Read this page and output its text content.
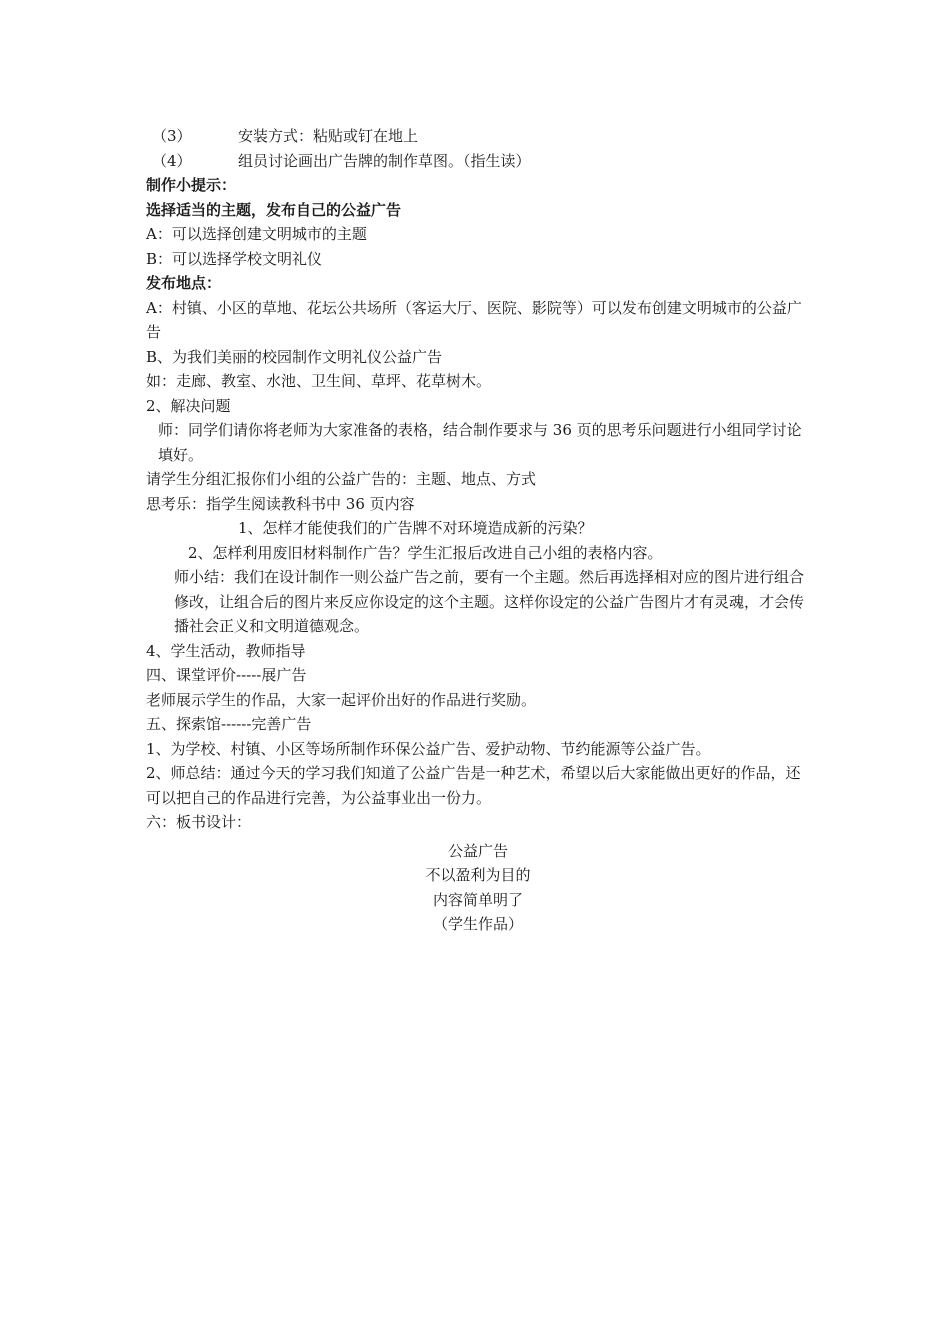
（3）	安装方式：粘贴或钉在地上
（4）	组员讨论画出广告牌的制作草图。（指生读）

制作小提示：

选择适当的主题，发布自己的公益广告

A：可以选择创建文明城市的主题

B：可以选择学校文明礼仪

发布地点：

A：村镇、小区的草地、花坛公共场所（客运大厅、医院、影院等）可以发布创建文明城市的公益广告

B、为我们美丽的校园制作文明礼仪公益广告

如：走廊、教室、水池、卫生间、草坪、花草树木。

2、解决问题

师：同学们请你将老师为大家准备的表格，结合制作要求与 36 页的思考乐问题进行小组同学讨论填好。

请学生分组汇报你们小组的公益广告的：主题、地点、方式

思考乐：指学生阅读教科书中 36 页内容

1、怎样才能使我们的广告牌不对环境造成新的污染？

2、怎样利用废旧材料制作广告？学生汇报后改进自己小组的表格内容。

师小结：我们在设计制作一则公益广告之前，要有一个主题。然后再选择相对应的图片进行组合修改，让组合后的图片来反应你设定的这个主题。这样你设定的公益广告图片才有灵魂，才会传播社会正义和文明道德观念。

4、学生活动，教师指导

四、课堂评价-----展广告

老师展示学生的作品，大家一起评价出好的作品进行奖励。

五、探索馆------完善广告

1、为学校、村镇、小区等场所制作环保公益广告、爱护动物、节约能源等公益广告。

2、师总结：通过今天的学习我们知道了公益广告是一种艺术，希望以后大家能做出更好的作品，还可以把自己的作品进行完善，为公益事业出一份力。

六：板书设计：

公益广告

不以盈利为目的

内容简单明了

（学生作品）
